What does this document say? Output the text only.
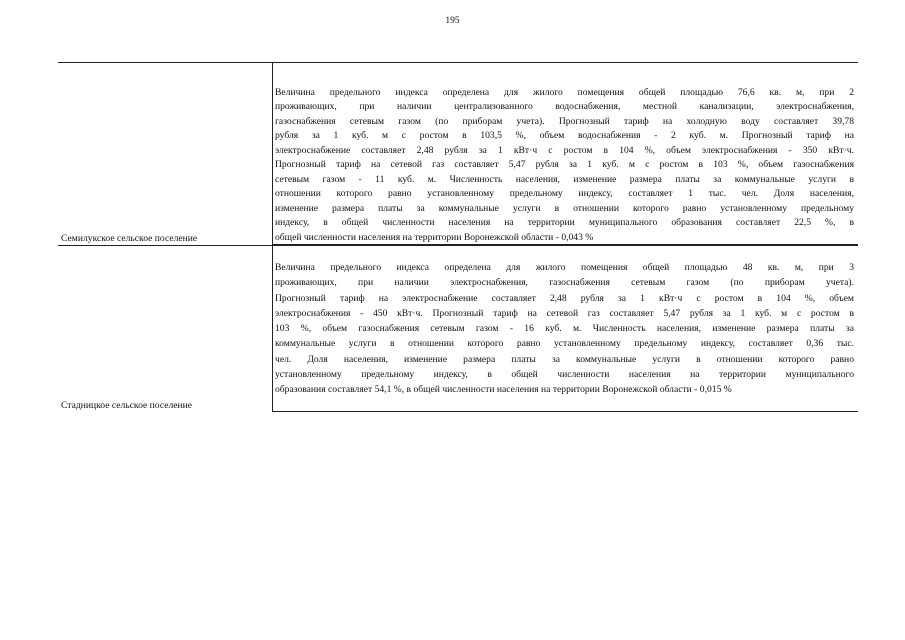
195
Семилукское сельское поселение
Величина предельного индекса определена для жилого помещения общей площадью 76,6 кв. м, при 2
проживающих, при наличии централизованного водоснабжения, местной канализации, электроснабжения,
газоснабжения сетевым газом (по приборам учета). Прогнозный тариф на холодную воду составляет 39,78
рубля за 1 куб. м с ростом в 103,5 %, объем водоснабжения - 2 куб. м. Прогнозный тариф на
электроснабжение составляет 2,48 рубля за 1 кВт·ч с ростом в 104 %, объем электроснабжения - 350 кВт·ч.
Прогнозный тариф на сетевой газ составляет 5,47 рубля за 1 куб. м с ростом в 103 %, объем газоснабжения
сетевым газом - 11 куб. м. Численность населения, изменение размера платы за коммунальные услуги в
отношении которого равно установленному предельному индексу, составляет 1 тыс. чел. Доля населения,
изменение размера платы за коммунальные услуги в отношении которого равно установленному предельному
индексу, в общей численности населения на территории муниципального образования составляет 22,5 %, в
общей численности населения на территории Воронежской области - 0,043 %
Стадницкое сельское поселение
Величина предельного индекса определена для жилого помещения общей площадью 48 кв. м, при 3
проживающих, при наличии электроснабжения, газоснабжения сетевым газом (по приборам учета).
Прогнозный тариф на электроснабжение составляет 2,48 рубля за 1 кВт·ч с ростом в 104 %, объем
электроснабжения - 450 кВт·ч. Прогнозный тариф на сетевой газ составляет 5,47 рубля за 1 куб. м с ростом в
103 %, объем газоснабжения сетевым газом - 16 куб. м. Численность населения, изменение размера платы за
коммунальные услуги в отношении которого равно установленному предельному индексу, составляет 0,36 тыс.
чел. Доля населения, изменение размера платы за коммунальные услуги в отношении которого равно
установленному предельному индексу, в общей численности населения на территории муниципального
образования составляет 54,1 %, в общей численности населения на территории Воронежской области - 0,015 %
